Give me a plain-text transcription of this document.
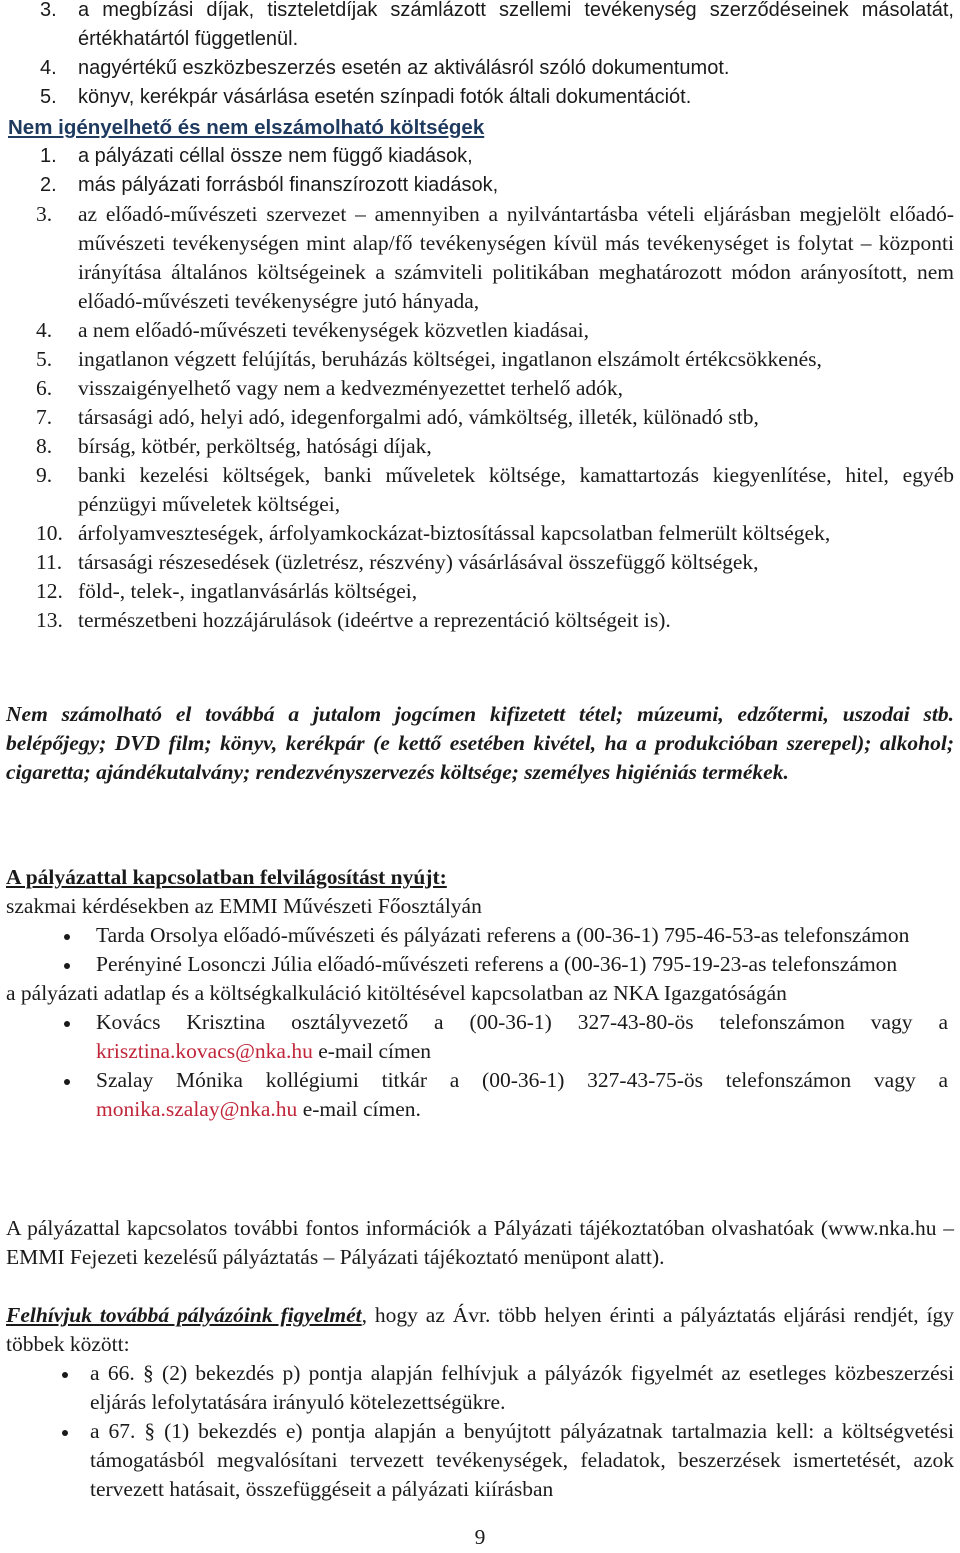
3. a megbízási díjak, tiszteletdíjak számlázott szellemi tevékenység szerződéseinek másolatát, értékhatártól függetlenül.
4. nagyértékű eszközbeszerzés esetén az aktiválásról szóló dokumentumot.
5. könyv, kerékpár vásárlása esetén színpadi fotók általi dokumentációt.
Nem igényelhető és nem elszámolható költségek
1. a pályázati céllal össze nem függő kiadások,
2. más pályázati forrásból finanszírozott kiadások,
3. az előadó-művészeti szervezet – amennyiben a nyilvántartásba vételi eljárásban megjelölt előadó-művészeti tevékenységen mint alap/fő tevékenységen kívül más tevékenységet is folytat – központi irányítása általános költségeinek a számviteli politikában meghatározott módon arányosított, nem előadó-művészeti tevékenységre jutó hányada,
4. a nem előadó-művészeti tevékenységek közvetlen kiadásai,
5. ingatlanon végzett felújítás, beruházás költségei, ingatlanon elszámolt értékcsökkenés,
6. visszaigényelhető vagy nem a kedvezményezettet terhelő adók,
7. társasági adó, helyi adó, idegenforgalmi adó, vámköltség, illeték, különadó stb,
8. bírság, kötbér, perköltség, hatósági díjak,
9. banki kezelési költségek, banki műveletek költsége, kamattartozás kiegyenlítése, hitel, egyéb pénzügyi műveletek költségei,
10. árfolyamveszteségek, árfolyamkockázat-biztosítással kapcsolatban felmerült költségek,
11. társasági részesedések (üzletrész, részvény) vásárlásával összefüggő költségek,
12. föld-, telek-, ingatlanvásárlás költségei,
13. természetbeni hozzájárulások (ideértve a reprezentáció költségeit is).

Nem számolható el továbbá a jutalom jogcímen kifizetett tétel; múzeumi, edzőtermi, uszodai stb. belépőjegy; DVD film; könyv, kerékpár (e kettő esetében kivétel, ha a produkcióban szerepel); alkohol; cigaretta; ajándékutalvány; rendezvényszervezés költsége; személyes higiéniás termékek.

A pályázattal kapcsolatban felvilágosítást nyújt:
szakmai kérdésekben az EMMI Művészeti Főosztályán
Tarda Orsolya előadó-művészeti és pályázati referens a (00-36-1) 795-46-53-as telefonszámon
Perényiné Losonczi Júlia előadó-művészeti referens a (00-36-1) 795-19-23-as telefonszámon
a pályázati adatlap és a költségkalkuláció kitöltésével kapcsolatban az NKA Igazgatóságán
Kovács Krisztina osztályvezető a (00-36-1) 327-43-80-ös telefonszámon vagy a krisztina.kovacs@nka.hu e-mail címen
Szalay Mónika kollégiumi titkár a (00-36-1) 327-43-75-ös telefonszámon vagy a monika.szalay@nka.hu e-mail címen.
A pályázattal kapcsolatos további fontos információk a Pályázati tájékoztatóban olvashatóak (www.nka.hu – EMMI Fejezeti kezelésű pályáztatás – Pályázati tájékoztató menüpont alatt).
Felhívjuk továbbá pályázóink figyelmét, hogy az Ávr. több helyen érinti a pályáztatás eljárási rendjét, így többek között:
a 66. § (2) bekezdés p) pontja alapján felhívjuk a pályázók figyelmét az esetleges közbeszerzési eljárás lefolytatására irányuló kötelezettségükre.
a 67. § (1) bekezdés e) pontja alapján a benyújtott pályázatnak tartalmazia kell: a költségvetési támogatásból megvalósítani tervezett tevékenységek, feladatok, beszerzések ismertetését, azok tervezett hatásait, összefüggéseit a pályázati kiírásban
9
